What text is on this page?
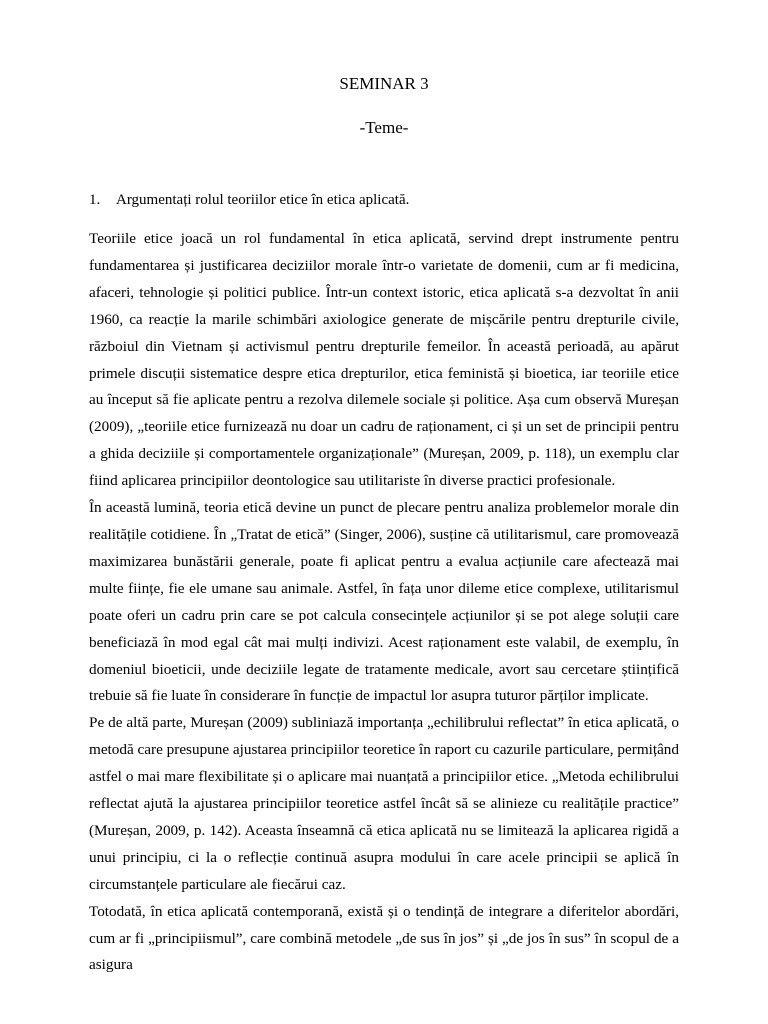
SEMINAR 3
-Teme-

1. Argumentați rolul teoriilor etice în etica aplicată.

Teoriile etice joacă un rol fundamental în etica aplicată, servind drept instrumente pentru fundamentarea și justificarea deciziilor morale într-o varietate de domenii, cum ar fi medicina, afaceri, tehnologie și politici publice. Într-un context istoric, etica aplicată s-a dezvoltat în anii 1960, ca reacție la marile schimbări axiologice generate de mișcările pentru drepturile civile, războiul din Vietnam și activismul pentru drepturile femeilor. În această perioadă, au apărut primele discuții sistematice despre etica drepturilor, etica feministă și bioetica, iar teoriile etice au început să fie aplicate pentru a rezolva dilemele sociale și politice. Așa cum observă Mureșan (2009), „teoriile etice furnizează nu doar un cadru de raționament, ci și un set de principii pentru a ghida deciziile și comportamentele organizaționale” (Mureșan, 2009, p. 118), un exemplu clar fiind aplicarea principiilor deontologice sau utilitariste în diverse practici profesionale.

În această lumină, teoria etică devine un punct de plecare pentru analiza problemelor morale din realitățile cotidiene. În „Tratat de etică” (Singer, 2006), susține că utilitarismul, care promovează maximizarea bunăstării generale, poate fi aplicat pentru a evalua acțiunile care afectează mai multe ființe, fie ele umane sau animale. Astfel, în fața unor dileme etice complexe, utilitarismul poate oferi un cadru prin care se pot calcula consecințele acțiunilor și se pot alege soluții care beneficiază în mod egal cât mai mulți indivizi. Acest raționament este valabil, de exemplu, în domeniul bioeticii, unde deciziile legate de tratamente medicale, avort sau cercetare științifică trebuie să fie luate în considerare în funcție de impactul lor asupra tuturor părților implicate.

Pe de altă parte, Mureșan (2009) subliniază importanța „echilibrului reflectat” în etica aplicată, o metodă care presupune ajustarea principiilor teoretice în raport cu cazurile particulare, permițând astfel o mai mare flexibilitate și o aplicare mai nuanțată a principiilor etice. „Metoda echilibrului reflectat ajută la ajustarea principiilor teoretice astfel încât să se alinieze cu realitățile practice” (Mureșan, 2009, p. 142). Aceasta înseamnă că etica aplicată nu se limitează la aplicarea rigidă a unui principiu, ci la o reflecție continuă asupra modului în care acele principii se aplică în circumstanțele particulare ale fiecărui caz.

Totodată, în etica aplicată contemporană, există și o tendință de integrare a diferitelor abordări, cum ar fi „principiismul”, care combină metodele „de sus în jos” și „de jos în sus” în scopul de a asigura
